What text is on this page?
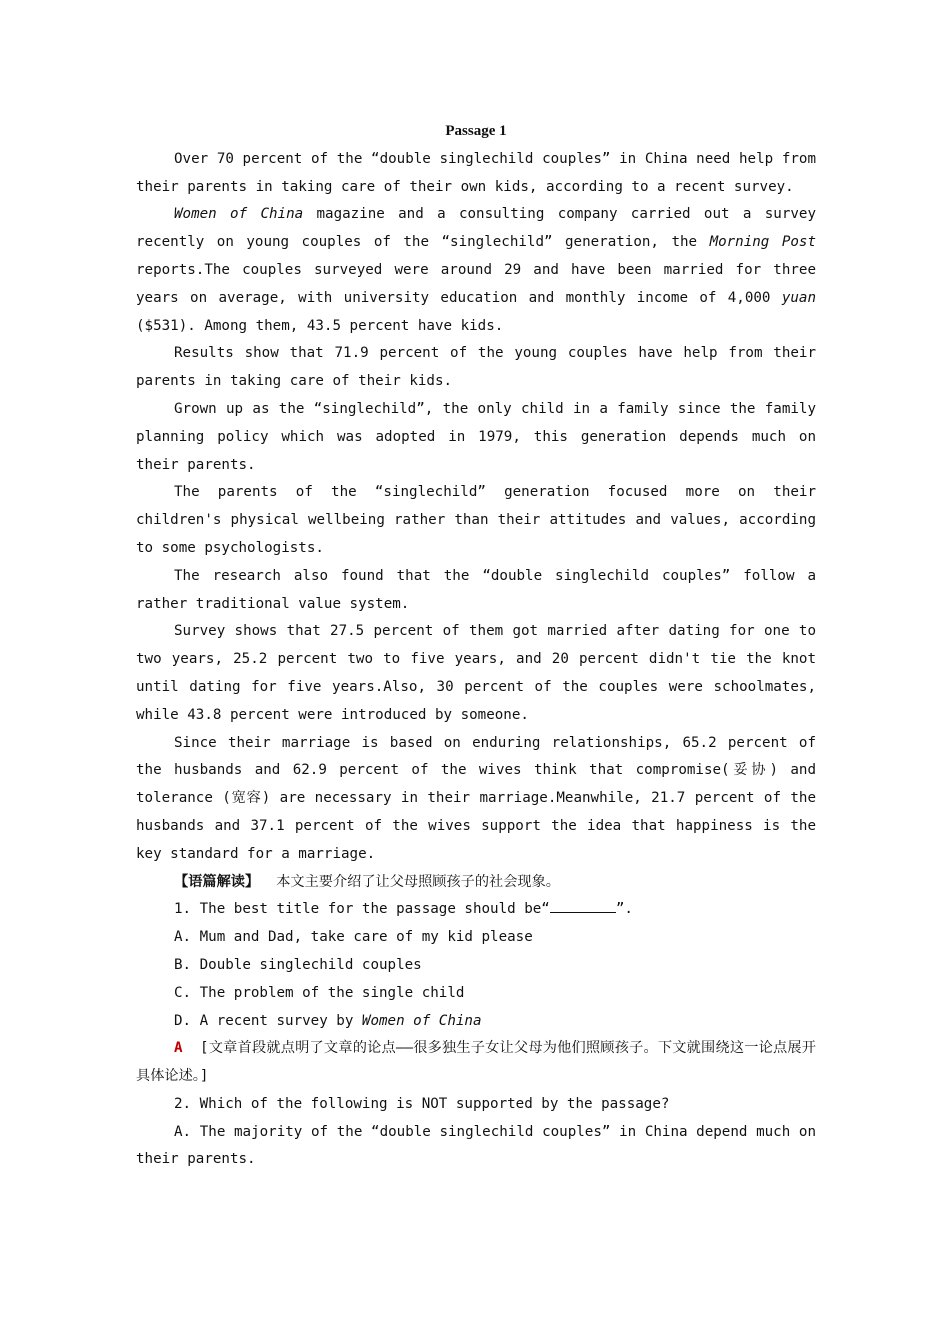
Passage 1

Over 70 percent of the “double singlechild couples” in China need help from their parents in taking care of their own kids, according to a recent survey.

Women of China magazine and a consulting company carried out a survey recently on young couples of the “singlechild” generation, the Morning Post reports.The couples surveyed were around 29 and have been married for three years on average, with university education and monthly income of 4,000 yuan ($531). Among them, 43.5 percent have kids.

Results show that 71.9 percent of the young couples have help from their parents in taking care of their kids.

Grown up as the “singlechild”, the only child in a family since the family planning policy which was adopted in 1979, this generation depends much on their parents.

The parents of the “singlechild” generation focused more on their children's physical wellbeing rather than their attitudes and values, according to some psychologists.

The research also found that the “double singlechild couples” follow a rather traditional value system.

Survey shows that 27.5 percent of them got married after dating for one to two years, 25.2 percent two to five years, and 20 percent didn't tie the knot until dating for five years.Also, 30 percent of the couples were schoolmates, while 43.8 percent were introduced by someone.

Since their marriage is based on enduring relationships, 65.2 percent of the husbands and 62.9 percent of the wives think that compromise(妥协) and tolerance (宽容) are necessary in their marriage.Meanwhile, 21.7 percent of the husbands and 37.1 percent of the wives support the idea that happiness is the key standard for a marriage.

【语篇解读】 本文主要介绍了让父母照顾孩子的社会现象。

1. The best title for the passage should be“	”.

A. Mum and Dad, take care of my kid please

B. Double singlechild couples

C. The problem of the single child

D. A recent survey by Women of China

A [文章首段就点明了文章的论点——很多独生子女让父母为他们照顾孩子。下文就围绕这一论点展开具体论述。]

2. Which of the following is NOT supported by the passage?

A. The majority of the “double singlechild couples” in China depend much on their parents.
